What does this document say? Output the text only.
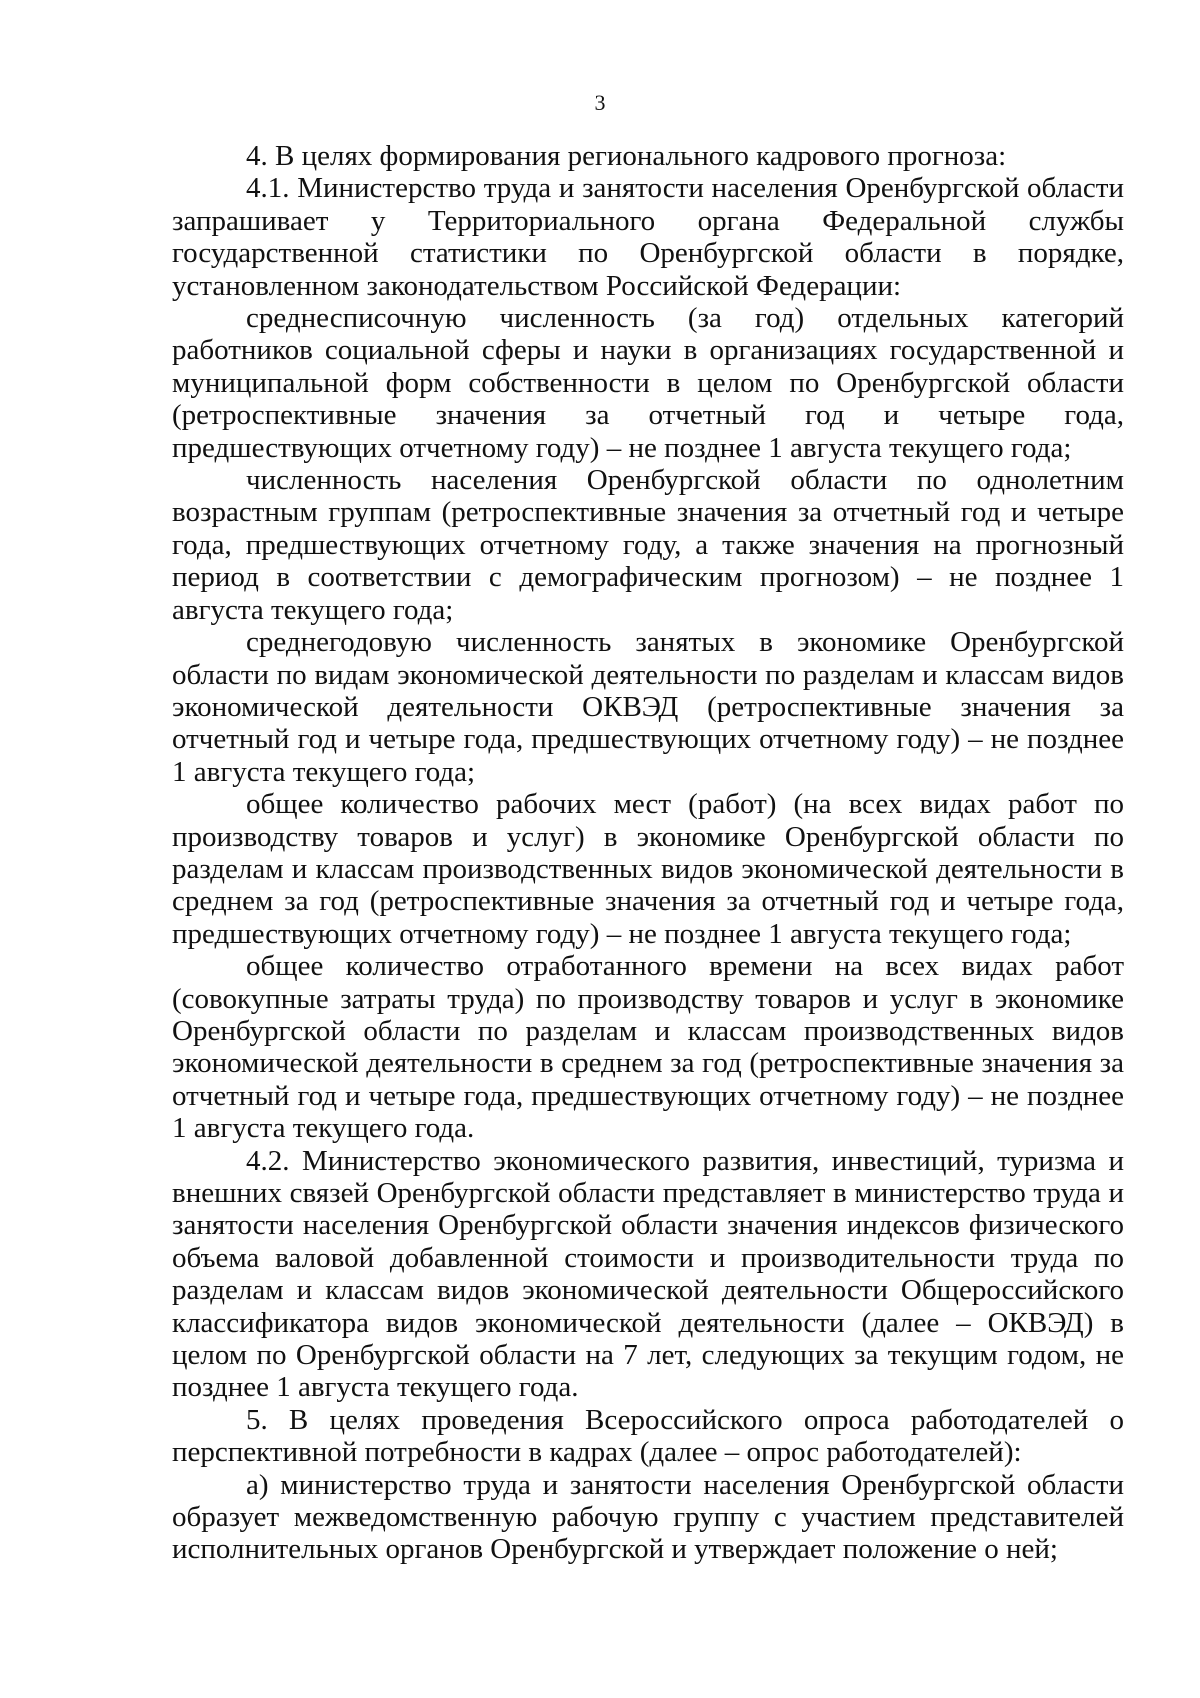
3

4. В целях формирования регионального кадрового прогноза:

4.1. Министерство труда и занятости населения Оренбургской области запрашивает у Территориального органа Федеральной службы государственной статистики по Оренбургской области в порядке, установленном законодательством Российской Федерации:

среднесписочную численность (за год) отдельных категорий работников социальной сферы и науки в организациях государственной и муниципальной форм собственности в целом по Оренбургской области (ретроспективные значения за отчетный год и четыре года, предшествующих отчетному году) – не позднее 1 августа текущего года;

численность населения Оренбургской области по однолетним возрастным группам (ретроспективные значения за отчетный год и четыре года, предшествующих отчетному году, а также значения на прогнозный период в соответствии с демографическим прогнозом) – не позднее 1 августа текущего года;

среднегодовую численность занятых в экономике Оренбургской области по видам экономической деятельности по разделам и классам видов экономической деятельности ОКВЭД (ретроспективные значения за отчетный год и четыре года, предшествующих отчетному году) – не позднее 1 августа текущего года;

общее количество рабочих мест (работ) (на всех видах работ по производству товаров и услуг) в экономике Оренбургской области по разделам и классам производственных видов экономической деятельности в среднем за год (ретроспективные значения за отчетный год и четыре года, предшествующих отчетному году) – не позднее 1 августа текущего года;

общее количество отработанного времени на всех видах работ (совокупные затраты труда) по производству товаров и услуг в экономике Оренбургской области по разделам и классам производственных видов экономической деятельности в среднем за год (ретроспективные значения за отчетный год и четыре года, предшествующих отчетному году) – не позднее 1 августа текущего года.

4.2. Министерство экономического развития, инвестиций, туризма и внешних связей Оренбургской области представляет в министерство труда и занятости населения Оренбургской области значения индексов физического объема валовой добавленной стоимости и производительности труда по разделам и классам видов экономической деятельности Общероссийского классификатора видов экономической деятельности (далее – ОКВЭД) в целом по Оренбургской области на 7 лет, следующих за текущим годом, не позднее 1 августа текущего года.

5. В целях проведения Всероссийского опроса работодателей о перспективной потребности в кадрах (далее – опрос работодателей):

а) министерство труда и занятости населения Оренбургской области образует межведомственную рабочую группу с участием представителей исполнительных органов Оренбургской и утверждает положение о ней;
